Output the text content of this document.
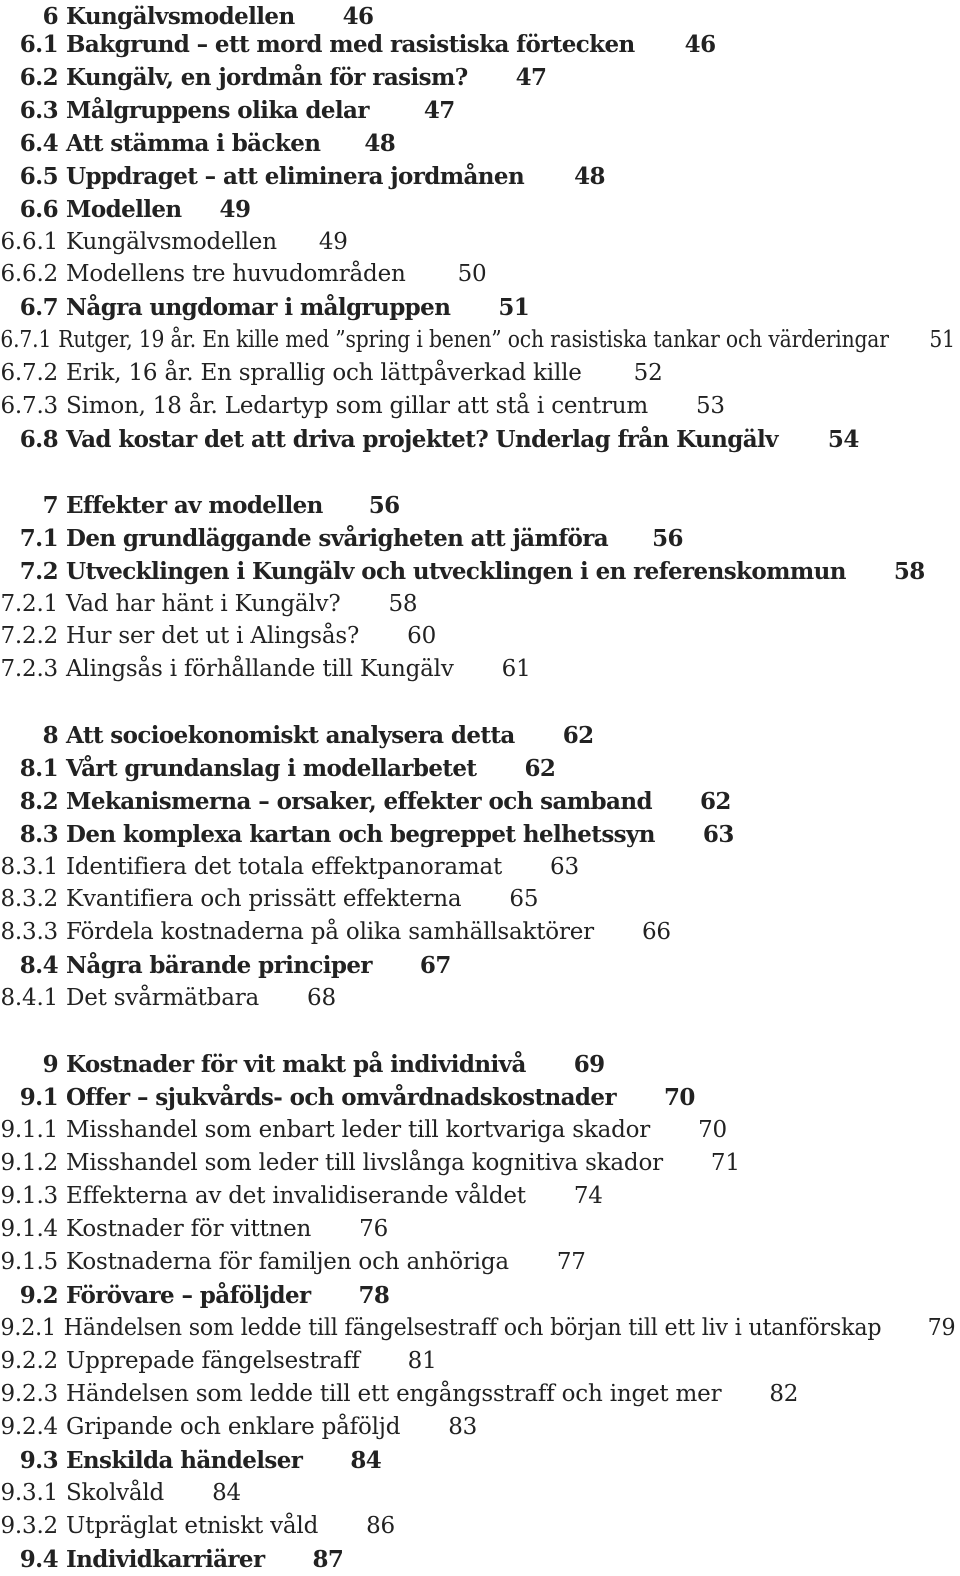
6 Kungälvsmodellen 46
6.1 Bakgrund – ett mord med rasistiska förtecken 46
6.2 Kungälv, en jordmån för rasism? 47
6.3 Målgruppens olika delar 47
6.4 Att stämma i bäcken 48
6.5 Uppdraget – att eliminera jordmånen 48
6.6 Modellen 49
6.6.1 Kungälvsmodellen 49
6.6.2 Modellens tre huvudområden 50
6.7 Några ungdomar i målgruppen 51
6.7.1 Rutger, 19 år. En kille med ”spring i benen” och rasistiska tankar och värderingar 51
6.7.2 Erik, 16 år. En sprallig och lättpåverkad kille 52
6.7.3 Simon, 18 år. Ledartyp som gillar att stå i centrum 53
6.8 Vad kostar det att driva projektet? Underlag från Kungälv 54
7 Effekter av modellen 56
7.1 Den grundläggande svårigheten att jämföra 56
7.2 Utvecklingen i Kungälv och utvecklingen i en referenskommun 58
7.2.1 Vad har hänt i Kungälv? 58
7.2.2 Hur ser det ut i Alingsås? 60
7.2.3 Alingsås i förhållande till Kungälv 61
8 Att socioekonomiskt analysera detta 62
8.1 Vårt grundanslag i modellarbetet 62
8.2 Mekanismerna – orsaker, effekter och samband 62
8.3 Den komplexa kartan och begreppet helhetssyn 63
8.3.1 Identifiera det totala effektpanoramat 63
8.3.2 Kvantifiera och prissätt effekterna 65
8.3.3 Fördela kostnaderna på olika samhällsaktörer 66
8.4 Några bärande principer 67
8.4.1 Det svårmätbara 68
9 Kostnader för vit makt på individnivå 69
9.1 Offer – sjukvårds- och omvårdnadskostnader 70
9.1.1 Misshandel som enbart leder till kortvariga skador 70
9.1.2 Misshandel som leder till livslånga kognitiva skador 71
9.1.3 Effekterna av det invalidiserande våldet 74
9.1.4 Kostnader för vittnen 76
9.1.5 Kostnaderna för familjen och anhöriga 77
9.2 Förövare – påföljder 78
9.2.1 Händelsen som ledde till fängelsestraff och början till ett liv i utanförskap 79
9.2.2 Upprepade fängelsestraff 81
9.2.3 Händelsen som ledde till ett engångsstraff och inget mer 82
9.2.4 Gripande och enklare påföljd 83
9.3 Enskilda händelser 84
9.3.1 Skolvåld 84
9.3.2 Utpräglat etniskt våld 86
9.4 Individkarriärer 87
